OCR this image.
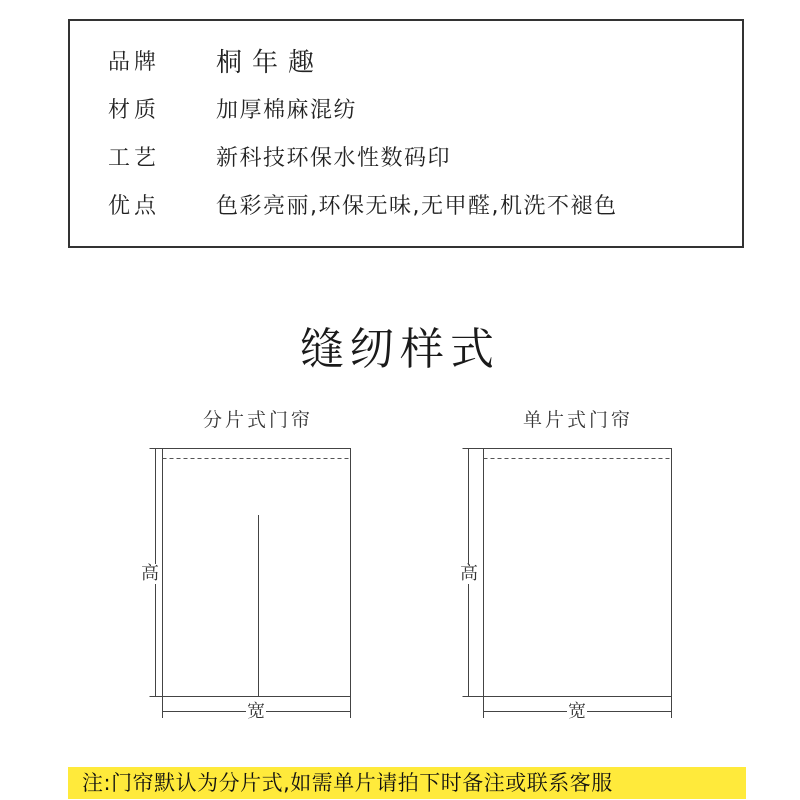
品牌 桐年趣
材质	加厚棉麻混纺
工艺	新科技环保水性数码印
优点	色彩亮丽,环保无味,无甲醛,机洗不褪色
缝纫样式
分片式门帘
高
宽
单片式门帘
高
宽
注:门帘默认为分片式,如需单片请拍下时备注或联系客服
